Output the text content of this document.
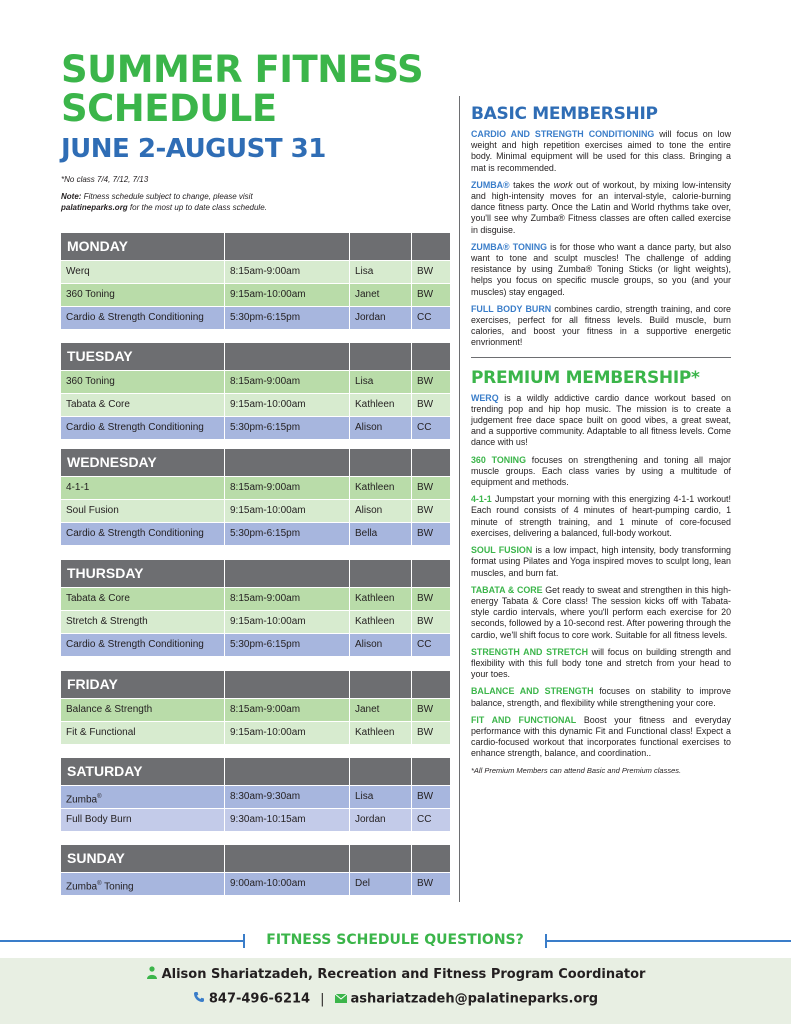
SUMMER FITNESS
SCHEDULE
JUNE 2-AUGUST 31
*No class 7/4, 7/12, 7/13
Note: Fitness schedule subject to change, please visit palatineparks.org for the most up to date class schedule.
MONDAY
Werq	8:15am-9:00am	Lisa	BW
360 Toning	9:15am-10:00am	Janet	BW
Cardio & Strength Conditioning	5:30pm-6:15pm	Jordan	CC
TUESDAY
360 Toning	8:15am-9:00am	Lisa	BW
Tabata & Core	9:15am-10:00am	Kathleen	BW
Cardio & Strength Conditioning	5:30pm-6:15pm	Alison	CC
WEDNESDAY
4-1-1	8:15am-9:00am	Kathleen	BW
Soul Fusion	9:15am-10:00am	Alison	BW
Cardio & Strength Conditioning	5:30pm-6:15pm	Bella	BW
THURSDAY
Tabata & Core	8:15am-9:00am	Kathleen	BW
Stretch & Strength	9:15am-10:00am	Kathleen	BW
Cardio & Strength Conditioning	5:30pm-6:15pm	Alison	CC
FRIDAY
Balance & Strength	8:15am-9:00am	Janet	BW
Fit & Functional	9:15am-10:00am	Kathleen	BW
SATURDAY
Zumba®	8:30am-9:30am	Lisa	BW
Full Body Burn	9:30am-10:15am	Jordan	CC
SUNDAY
Zumba® Toning	9:00am-10:00am	Del	BW
BASIC MEMBERSHIP

CARDIO AND STRENGTH CONDITIONING will focus on low weight and high repetition exercises aimed to tone the entire body. Minimal equipment will be used for this class. Bringing a mat is recommended.

ZUMBA® takes the work out of workout, by mixing low-intensity and high-intensity moves for an interval-style, calorie-burning dance fitness party. Once the Latin and World rhythms take over, you'll see why Zumba® Fitness classes are often called exercise in disguise.

ZUMBA® TONING is for those who want a dance party, but also want to tone and sculpt muscles! The challenge of adding resistance by using Zumba® Toning Sticks (or light weights), helps you focus on specific muscle groups, so you (and your muscles) stay engaged.

FULL BODY BURN combines cardio, strength training, and core exercises, perfect for all fitness levels. Build muscle, burn calories, and boost your fitness in a supportive energetic envrionment!

PREMIUM MEMBERSHIP*

WERQ is a wildly addictive cardio dance workout based on trending pop and hip hop music. The mission is to create a judgement free dace space built on good vibes, a great sweat, and a supportive community. Adaptable to all fitness levels. Come dance with us!

360 TONING focuses on strengthening and toning all major muscle groups. Each class varies by using a multitude of equipment and methods.

4-1-1 Jumpstart your morning with this energizing 4-1-1 workout! Each round consists of 4 minutes of heart-pumping cardio, 1 minute of strength training, and 1 minute of core-focused exercises, delivering a balanced, full-body workout.

SOUL FUSION is a low impact, high intensity, body transforming format using Pilates and Yoga inspired moves to sculpt long, lean muscles, and burn fat.

TABATA & CORE Get ready to sweat and strengthen in this high-energy Tabata & Core class! The session kicks off with Tabata-style cardio intervals, where you'll perform each exercise for 20 seconds, followed by a 10-second rest. After powering through the cardio, we'll shift focus to core work. Suitable for all fitness levels.

STRENGTH AND STRETCH will focus on building strength and flexibility with this full body tone and stretch from your head to your toes.

BALANCE AND STRENGTH focuses on stability to improve balance, strength, and flexibility while strengthening your core.

FIT AND FUNCTIONAL Boost your fitness and everyday performance with this dynamic Fit and Functional class! Expect a cardio-focused workout that incorporates functional exercises to enhance strength, balance, and coordination..

*All Premium Members can attend Basic and Premium classes.
FITNESS SCHEDULE QUESTIONS?
Alison Shariatzadeh, Recreation and Fitness Program Coordinator
847-496-6214 | ashariatzadeh@palatineparks.org
